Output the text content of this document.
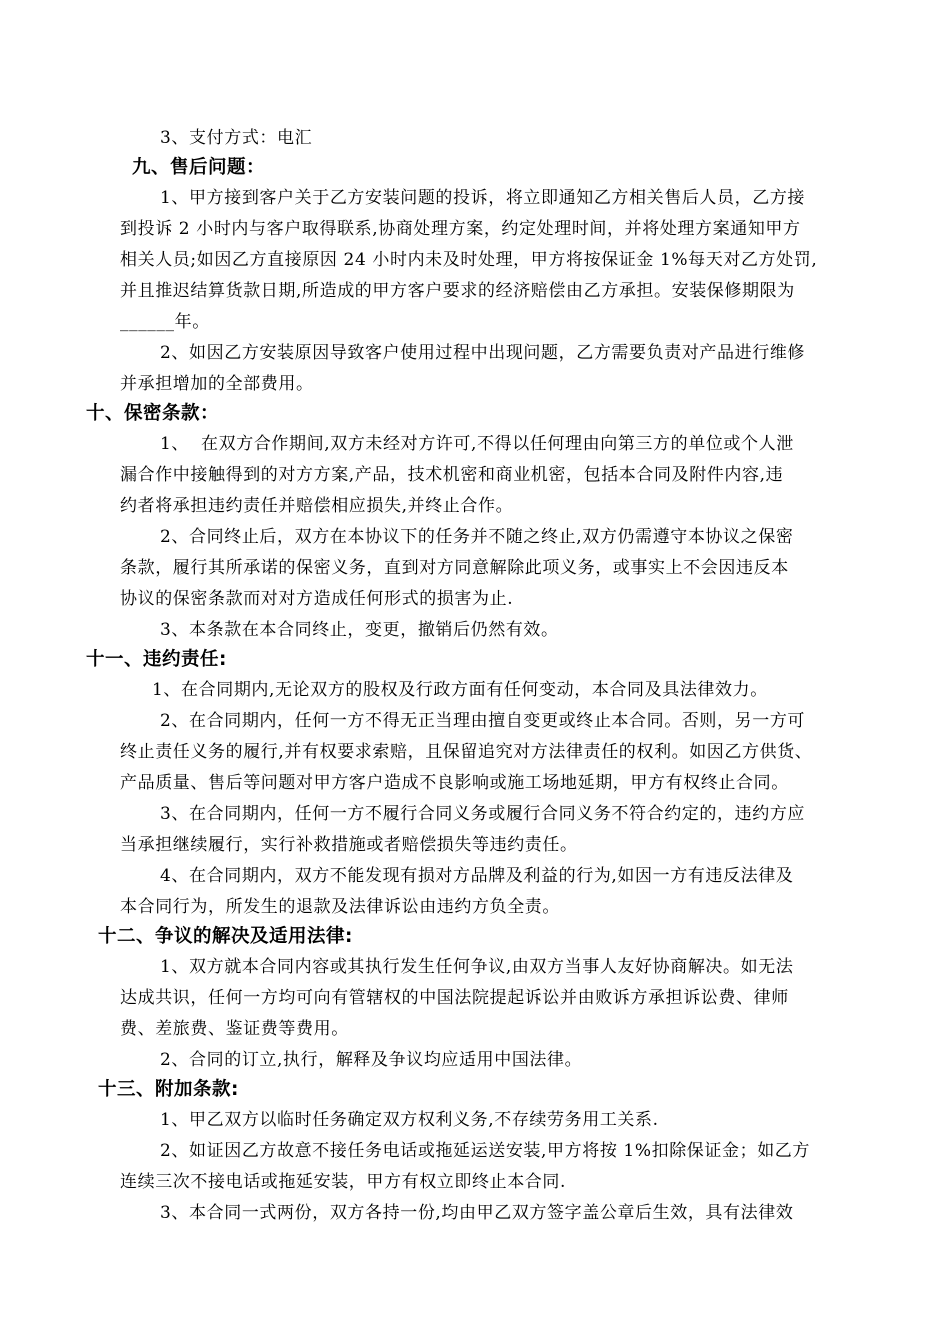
3、支付方式：电汇
九、售后问题：
1、甲方接到客户关于乙方安装问题的投诉，将立即通知乙方相关售后人员，乙方接
到投诉 2 小时内与客户取得联系,协商处理方案，约定处理时间，并将处理方案通知甲方
相关人员;如因乙方直接原因 24 小时内未及时处理，甲方将按保证金 1%每天对乙方处罚,
并且推迟结算货款日期,所造成的甲方客户要求的经济赔偿由乙方承担。安装保修期限为
______年。
2、如因乙方安装原因导致客户使用过程中出现问题，乙方需要负责对产品进行维修
并承担增加的全部费用。
十、保密条款：
1、  在双方合作期间,双方未经对方许可,不得以任何理由向第三方的单位或个人泄
漏合作中接触得到的对方方案,产品，技术机密和商业机密，包括本合同及附件内容,违
约者将承担违约责任并赔偿相应损失,并终止合作。
2、合同终止后，双方在本协议下的任务并不随之终止,双方仍需遵守本协议之保密
条款，履行其所承诺的保密义务，直到对方同意解除此项义务，或事实上不会因违反本
协议的保密条款而对对方造成任何形式的损害为止.
3、本条款在本合同终止，变更，撤销后仍然有效。
十一、违约责任:
1、在合同期内,无论双方的股权及行政方面有任何变动，本合同及具法律效力。
2、在合同期内，任何一方不得无正当理由擅自变更或终止本合同。否则，另一方可
终止责任义务的履行,并有权要求索赔，且保留追究对方法律责任的权利。如因乙方供货、
产品质量、售后等问题对甲方客户造成不良影响或施工场地延期，甲方有权终止合同。
3、在合同期内，任何一方不履行合同义务或履行合同义务不符合约定的，违约方应
当承担继续履行，实行补救措施或者赔偿损失等违约责任。
4、在合同期内，双方不能发现有损对方品牌及利益的行为,如因一方有违反法律及
本合同行为，所发生的退款及法律诉讼由违约方负全责。
十二、争议的解决及适用法律:
1、双方就本合同内容或其执行发生任何争议,由双方当事人友好协商解决。如无法
达成共识，任何一方均可向有管辖权的中国法院提起诉讼并由败诉方承担诉讼费、律师
费、差旅费、鉴证费等费用。
2、合同的订立,执行，解释及争议均应适用中国法律。
十三、附加条款:
1、甲乙双方以临时任务确定双方权利义务,不存续劳务用工关系.
2、如证因乙方故意不接任务电话或拖延运送安装,甲方将按 1%扣除保证金；如乙方
连续三次不接电话或拖延安装，甲方有权立即终止本合同.
3、本合同一式两份，双方各持一份,均由甲乙双方签字盖公章后生效，具有法律效
